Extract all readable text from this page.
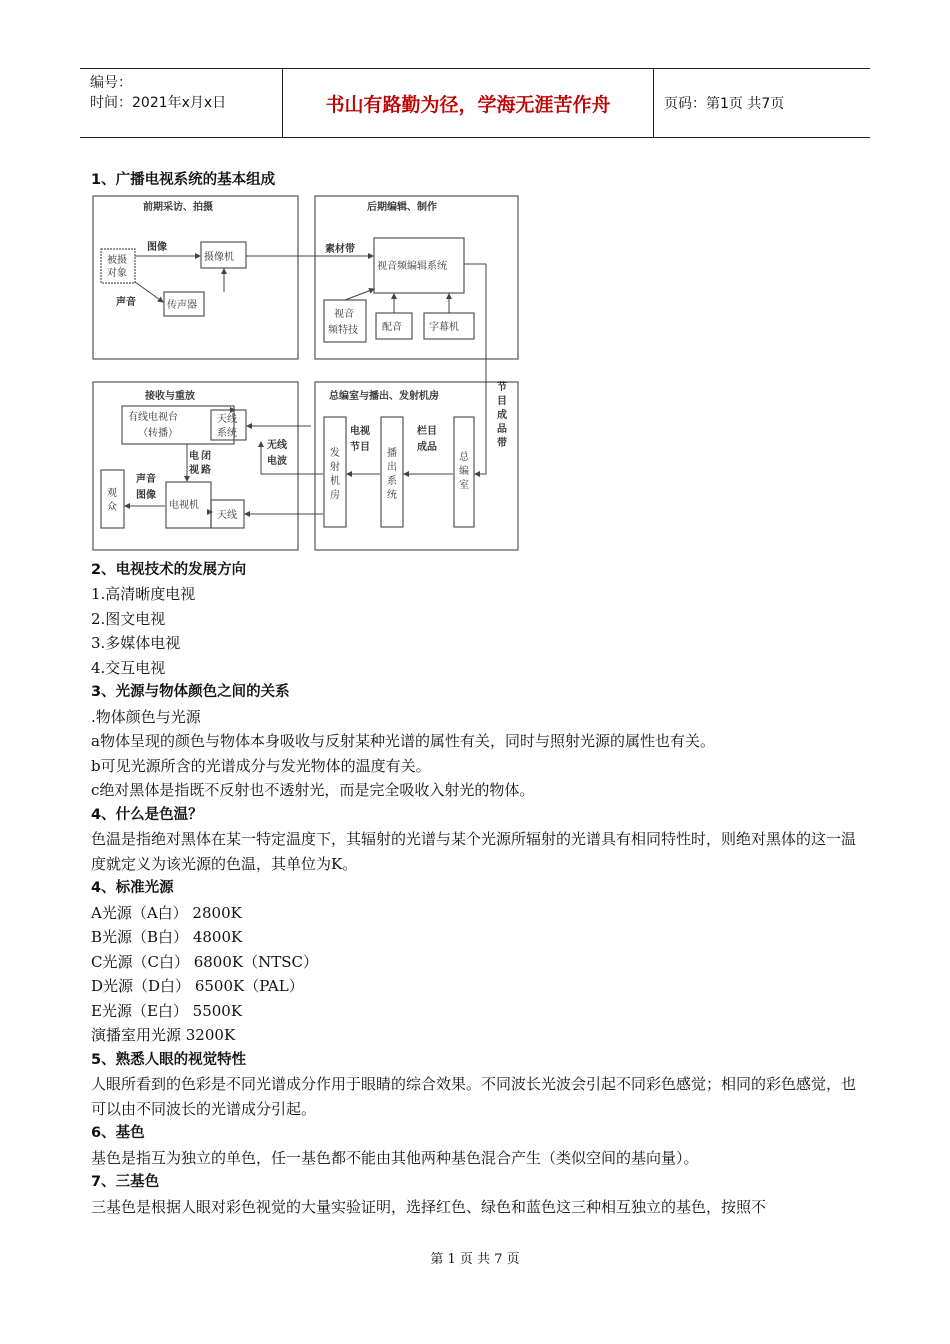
编号：
时间：2021年x月x日	书山有路勤为径，学海无涯苦作舟	页码：第1页 共7页
1、广播电视系统的基本组成
前期采访、拍摄	后期编辑、制作
接收与重放	总编室与播出、发射机房
被摄
对象
图像
声音
摄像机
传声器
素材带
视音频编辑系统
视音
频特技 配音	字幕机
节
目
成
品
带
有线电视台
（转播）
天线
系统
无线
电波
电 闭
视 路
声音
图像
观
众	电视机
天线
发
射
机
房
电视
节目
播
出
系
统
栏目
成品
总
编
室
2、电视技术的发展方向
1.高清晰度电视
2.图文电视
3.多媒体电视
4.交互电视
3、光源与物体颜色之间的关系
.物体颜色与光源
a物体呈现的颜色与物体本身吸收与反射某种光谱的属性有关，同时与照射光源的属性也有关。
b可见光源所含的光谱成分与发光物体的温度有关。
c绝对黑体是指既不反射也不透射光，而是完全吸收入射光的物体。
4、什么是色温？
色温是指绝对黑体在某一特定温度下，其辐射的光谱与某个光源所辐射的光谱具有相同特性时，则绝对黑体的这一温度就定义为该光源的色温，其单位为K。
4、标准光源
A光源（A白） 2800K
B光源（B白） 4800K
C光源（C白） 6800K（NTSC）
D光源（D白） 6500K（PAL）
E光源（E白） 5500K
演播室用光源 3200K
5、熟悉人眼的视觉特性
人眼所看到的色彩是不同光谱成分作用于眼睛的综合效果。不同波长光波会引起不同彩色感觉；相同的彩色感觉，也可以由不同波长的光谱成分引起。
6、基色
基色是指互为独立的单色，任一基色都不能由其他两种基色混合产生（类似空间的基向量）。
7、三基色
三基色是根据人眼对彩色视觉的大量实验证明，选择红色、绿色和蓝色这三种相互独立的基色，按照不
第 1 页 共 7 页
